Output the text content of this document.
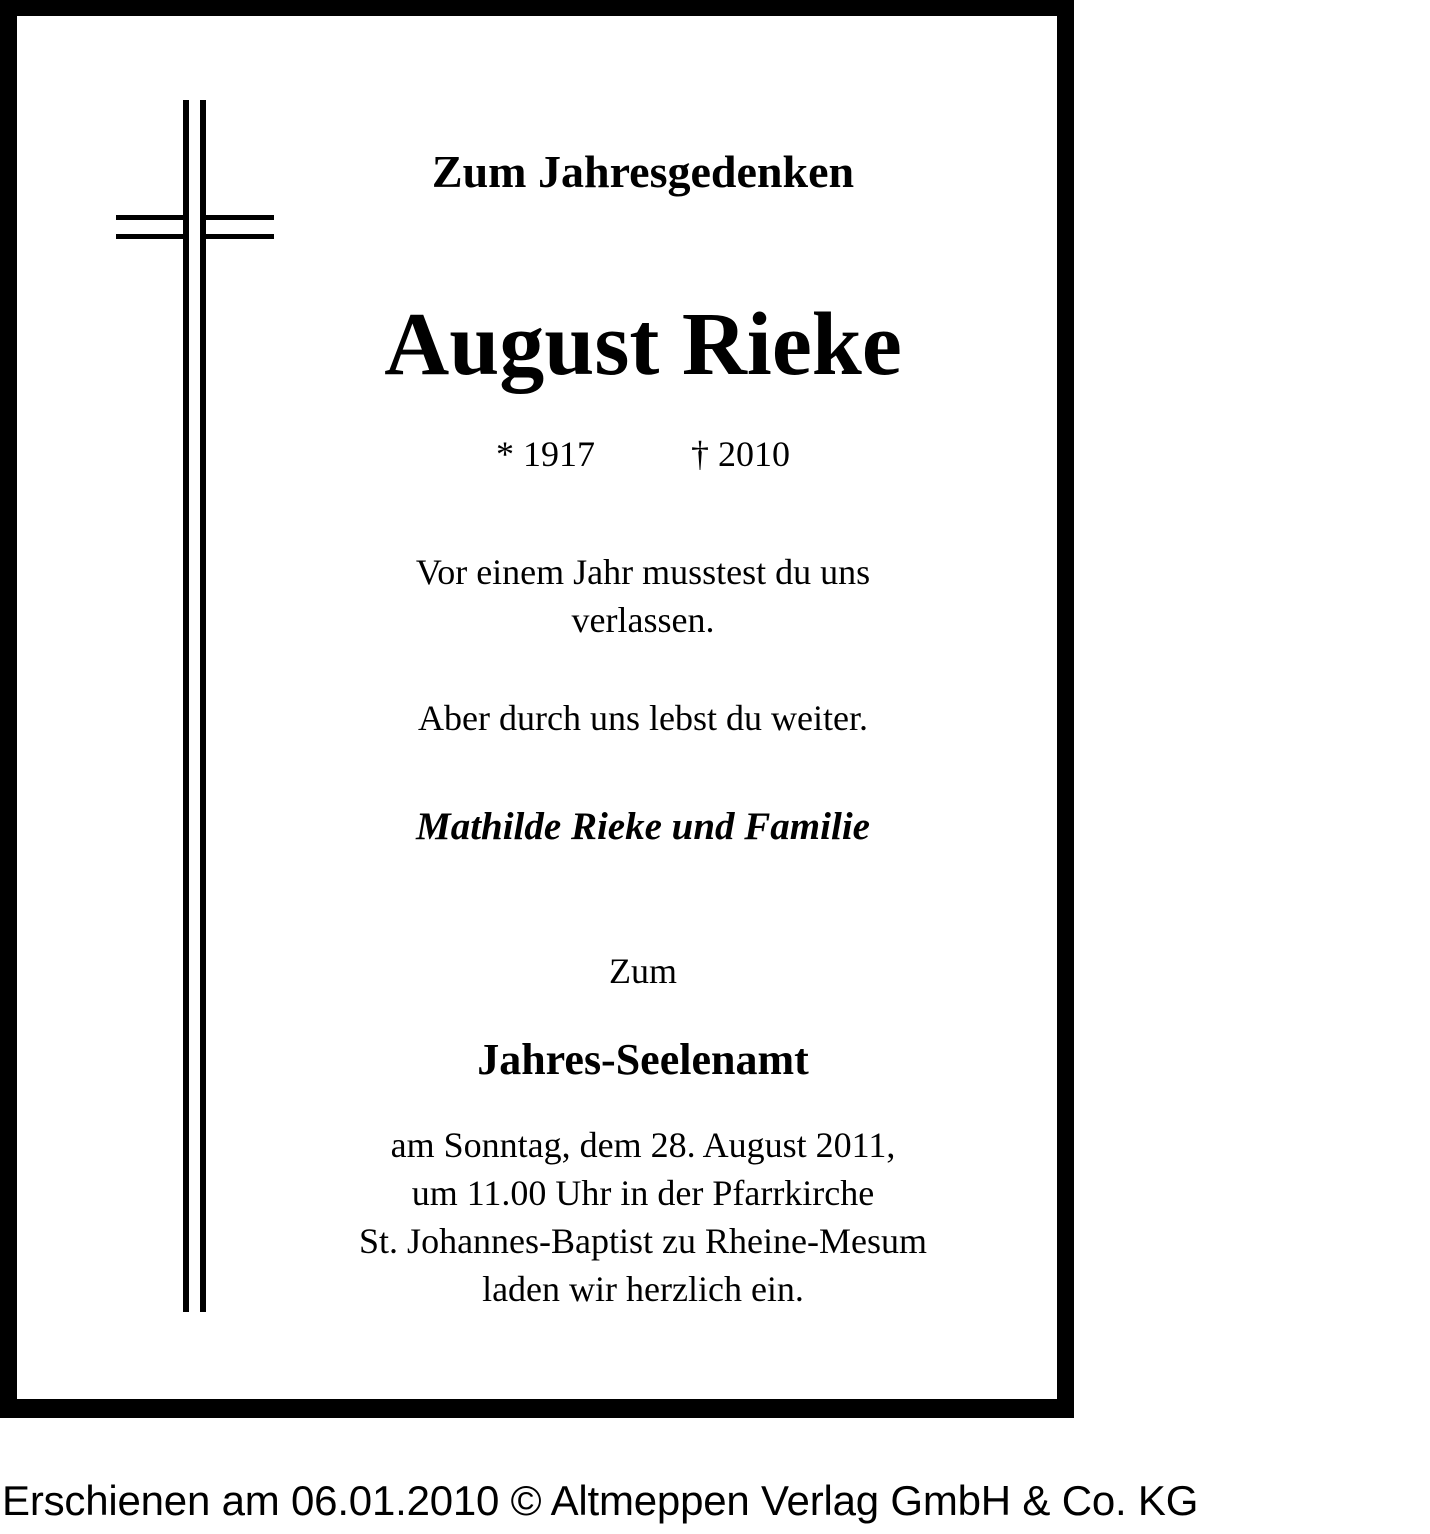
Zum Jahresgedenken
August Rieke
* 1917	† 2010

Vor einem Jahr musstest du uns

verlassen.

Aber durch uns lebst du weiter.

Mathilde Rieke und Familie

Zum

Jahres-Seelenamt

am Sonntag, dem 28. August 2011,

um 11.00 Uhr in der Pfarrkirche

St. Johannes-Baptist zu Rheine-Mesum

laden wir herzlich ein.

Erschienen am 06.01.2010 © Altmeppen Verlag GmbH & Co. KG
